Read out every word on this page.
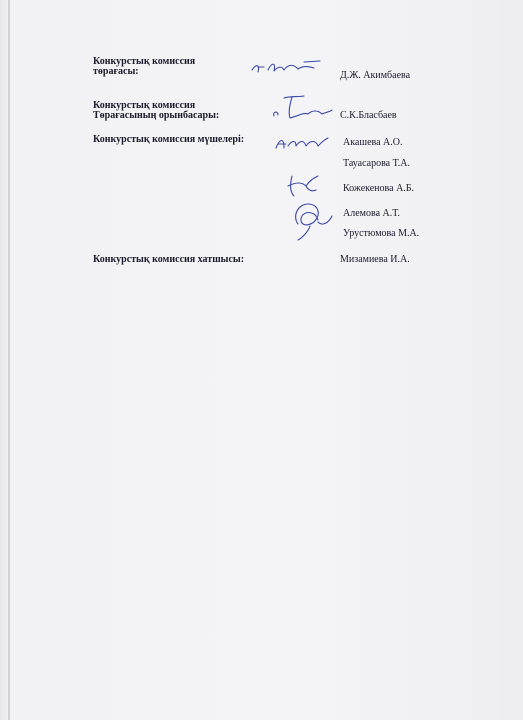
Конкурстық комиссия
төрағасы:	Д.Ж. Акимбаева
Конкурстық комиссия
Төрағасының орынбасары:	С.К.Бласбаев
Конкурстық комиссия мүшелері:	Акашева А.О.
Тауасарова Т.А.
Кожекенова А.Б.
Алемова А.Т.
Урустюмова М.А.
Конкурстық комиссия хатшысы:	Мизамиева И.А.
